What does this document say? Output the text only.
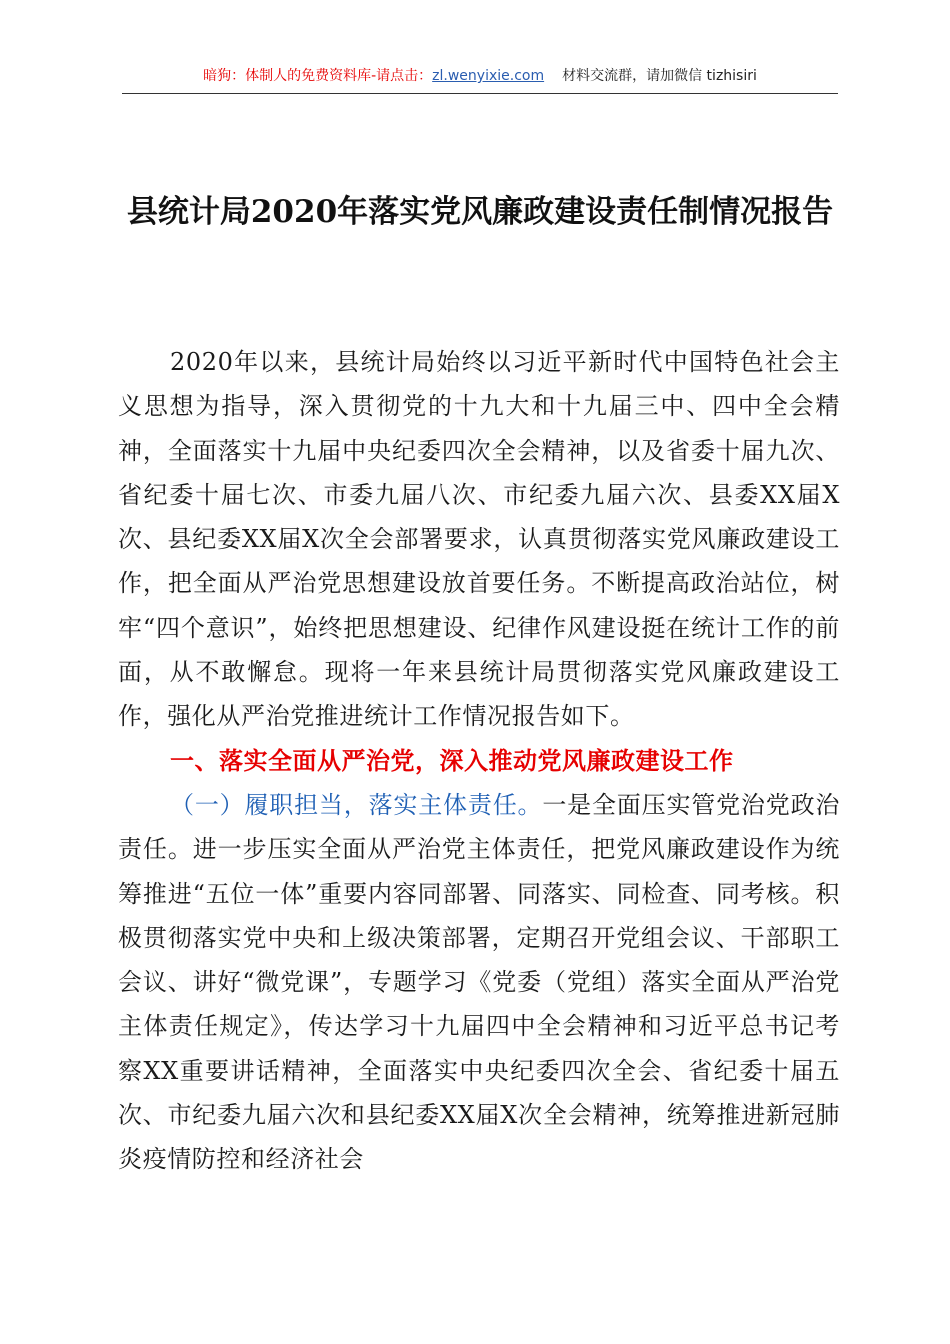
暗狗：体制人的免费资料库-请点击：zl.wenyixie.com 材料交流群，请加微信 tizhisiri
县统计局2020年落实党风廉政建设责任制情况报告

2020年以来，县统计局始终以习近平新时代中国特色社会主义思想为指导，深入贯彻党的十九大和十九届三中、四中全会精神，全面落实十九届中央纪委四次全会精神，以及省委十届九次、省纪委十届七次、市委九届八次、市纪委九届六次、县委XX届X次、县纪委XX届X次全会部署要求，认真贯彻落实党风廉政建设工作，把全面从严治党思想建设放首要任务。不断提高政治站位，树牢“四个意识”，始终把思想建设、纪律作风建设挺在统计工作的前面，从不敢懈怠。现将一年来县统计局贯彻落实党风廉政建设工作，强化从严治党推进统计工作情况报告如下。

一、落实全面从严治党，深入推动党风廉政建设工作

（一）履职担当，落实主体责任。一是全面压实管党治党政治责任。进一步压实全面从严治党主体责任，把党风廉政建设作为统筹推进“五位一体”重要内容同部署、同落实、同检查、同考核。积极贯彻落实党中央和上级决策部署，定期召开党组会议、干部职工会议、讲好“微党课”，专题学习《党委（党组）落实全面从严治党主体责任规定》，传达学习十九届四中全会精神和习近平总书记考察XX重要讲话精神，全面落实中央纪委四次全会、省纪委十届五次、市纪委九届六次和县纪委XX届X次全会精神，统筹推进新冠肺炎疫情防控和经济社会
